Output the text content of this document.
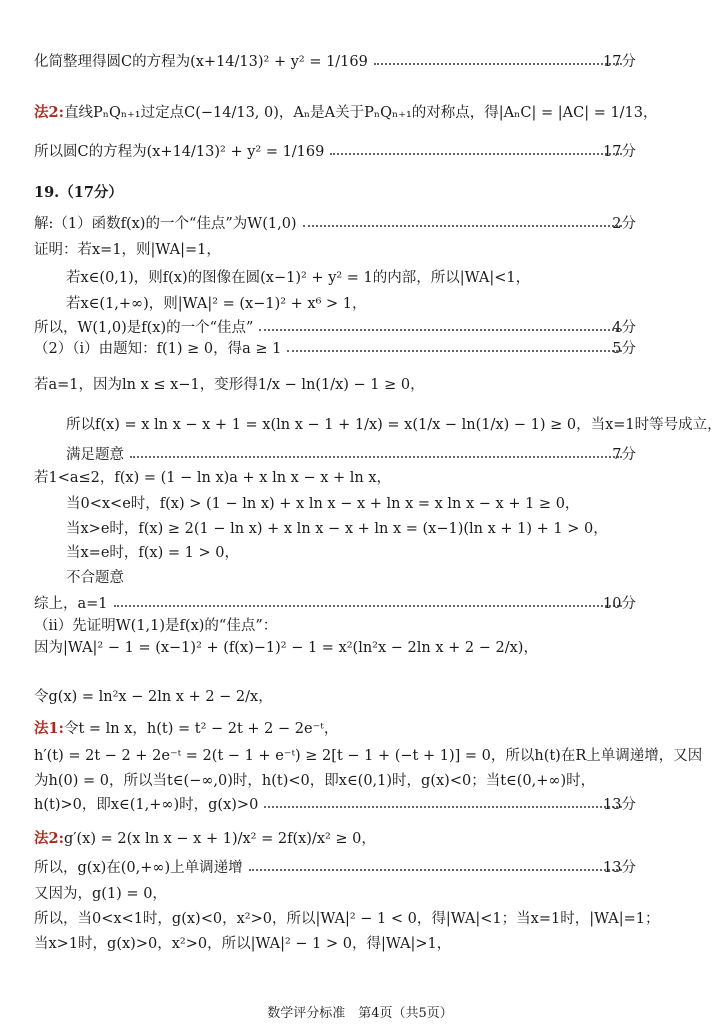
化简整理得圆C的方程为(x+14/13)² + y² = 1/169	17分
法2: 直线PₙQₙ₊₁过定点C(−14/13, 0)，Aₙ是A关于PₙQₙ₊₁的对称点，得|AₙC| = |AC| = 1/13，
所以圆C的方程为(x+14/13)² + y² = 1/169	17分
19.（17分）
解:（1）函数f(x)的一个“佳点”为W(1,0)	2分
证明：若x=1，则|WA|=1，
若x∈(0,1)，则f(x)的图像在圆(x−1)² + y² = 1的内部，所以|WA|<1，
若x∈(1,+∞)，则|WA|² = (x−1)² + x⁶ > 1，
所以，W(1,0)是f(x)的一个“佳点”	4分
（2）（i）由题知：f(1) ≥ 0，得a ≥ 1	5分
若a=1，因为ln x ≤ x−1，变形得1/x − ln(1/x) − 1 ≥ 0，
所以f(x) = x ln x − x + 1 = x(ln x − 1 + 1/x) = x(1/x − ln(1/x) − 1) ≥ 0，当x=1时等号成立，
满足题意	7分
若1<a≤2，f(x) = (1 − ln x)a + x ln x − x + ln x，
当0<x<e时，f(x) > (1 − ln x) + x ln x − x + ln x = x ln x − x + 1 ≥ 0，
当x>e时，f(x) ≥ 2(1 − ln x) + x ln x − x + ln x = (x−1)(ln x + 1) + 1 > 0，
当x=e时，f(x) = 1 > 0，
不合题意
综上，a=1	10分
（ii）先证明W(1,1)是f(x)的“佳点”：
因为|WA|² − 1 = (x−1)² + (f(x)−1)² − 1 = x²(ln²x − 2ln x + 2 − 2/x)，
令g(x) = ln²x − 2ln x + 2 − 2/x，
法1: 令t = ln x，h(t) = t² − 2t + 2 − 2e⁻ᵗ，
h′(t) = 2t − 2 + 2e⁻ᵗ = 2(t − 1 + e⁻ᵗ) ≥ 2[t − 1 + (−t + 1)] = 0，所以h(t)在R上单调递增，又因
为h(0) = 0，所以当t∈(−∞,0)时，h(t)<0，即x∈(0,1)时，g(x)<0；当t∈(0,+∞)时，
h(t)>0，即x∈(1,+∞)时，g(x)>0	13分
法2: g′(x) = 2(x ln x − x + 1)/x² = 2f(x)/x² ≥ 0，
所以，g(x)在(0,+∞)上单调递增	13分
又因为，g(1) = 0，
所以，当0<x<1时，g(x)<0，x²>0，所以|WA|² − 1 < 0，得|WA|<1；当x=1时，|WA|=1；
当x>1时，g(x)>0，x²>0，所以|WA|² − 1 > 0，得|WA|>1，
数学评分标准　第4页（共5页）
